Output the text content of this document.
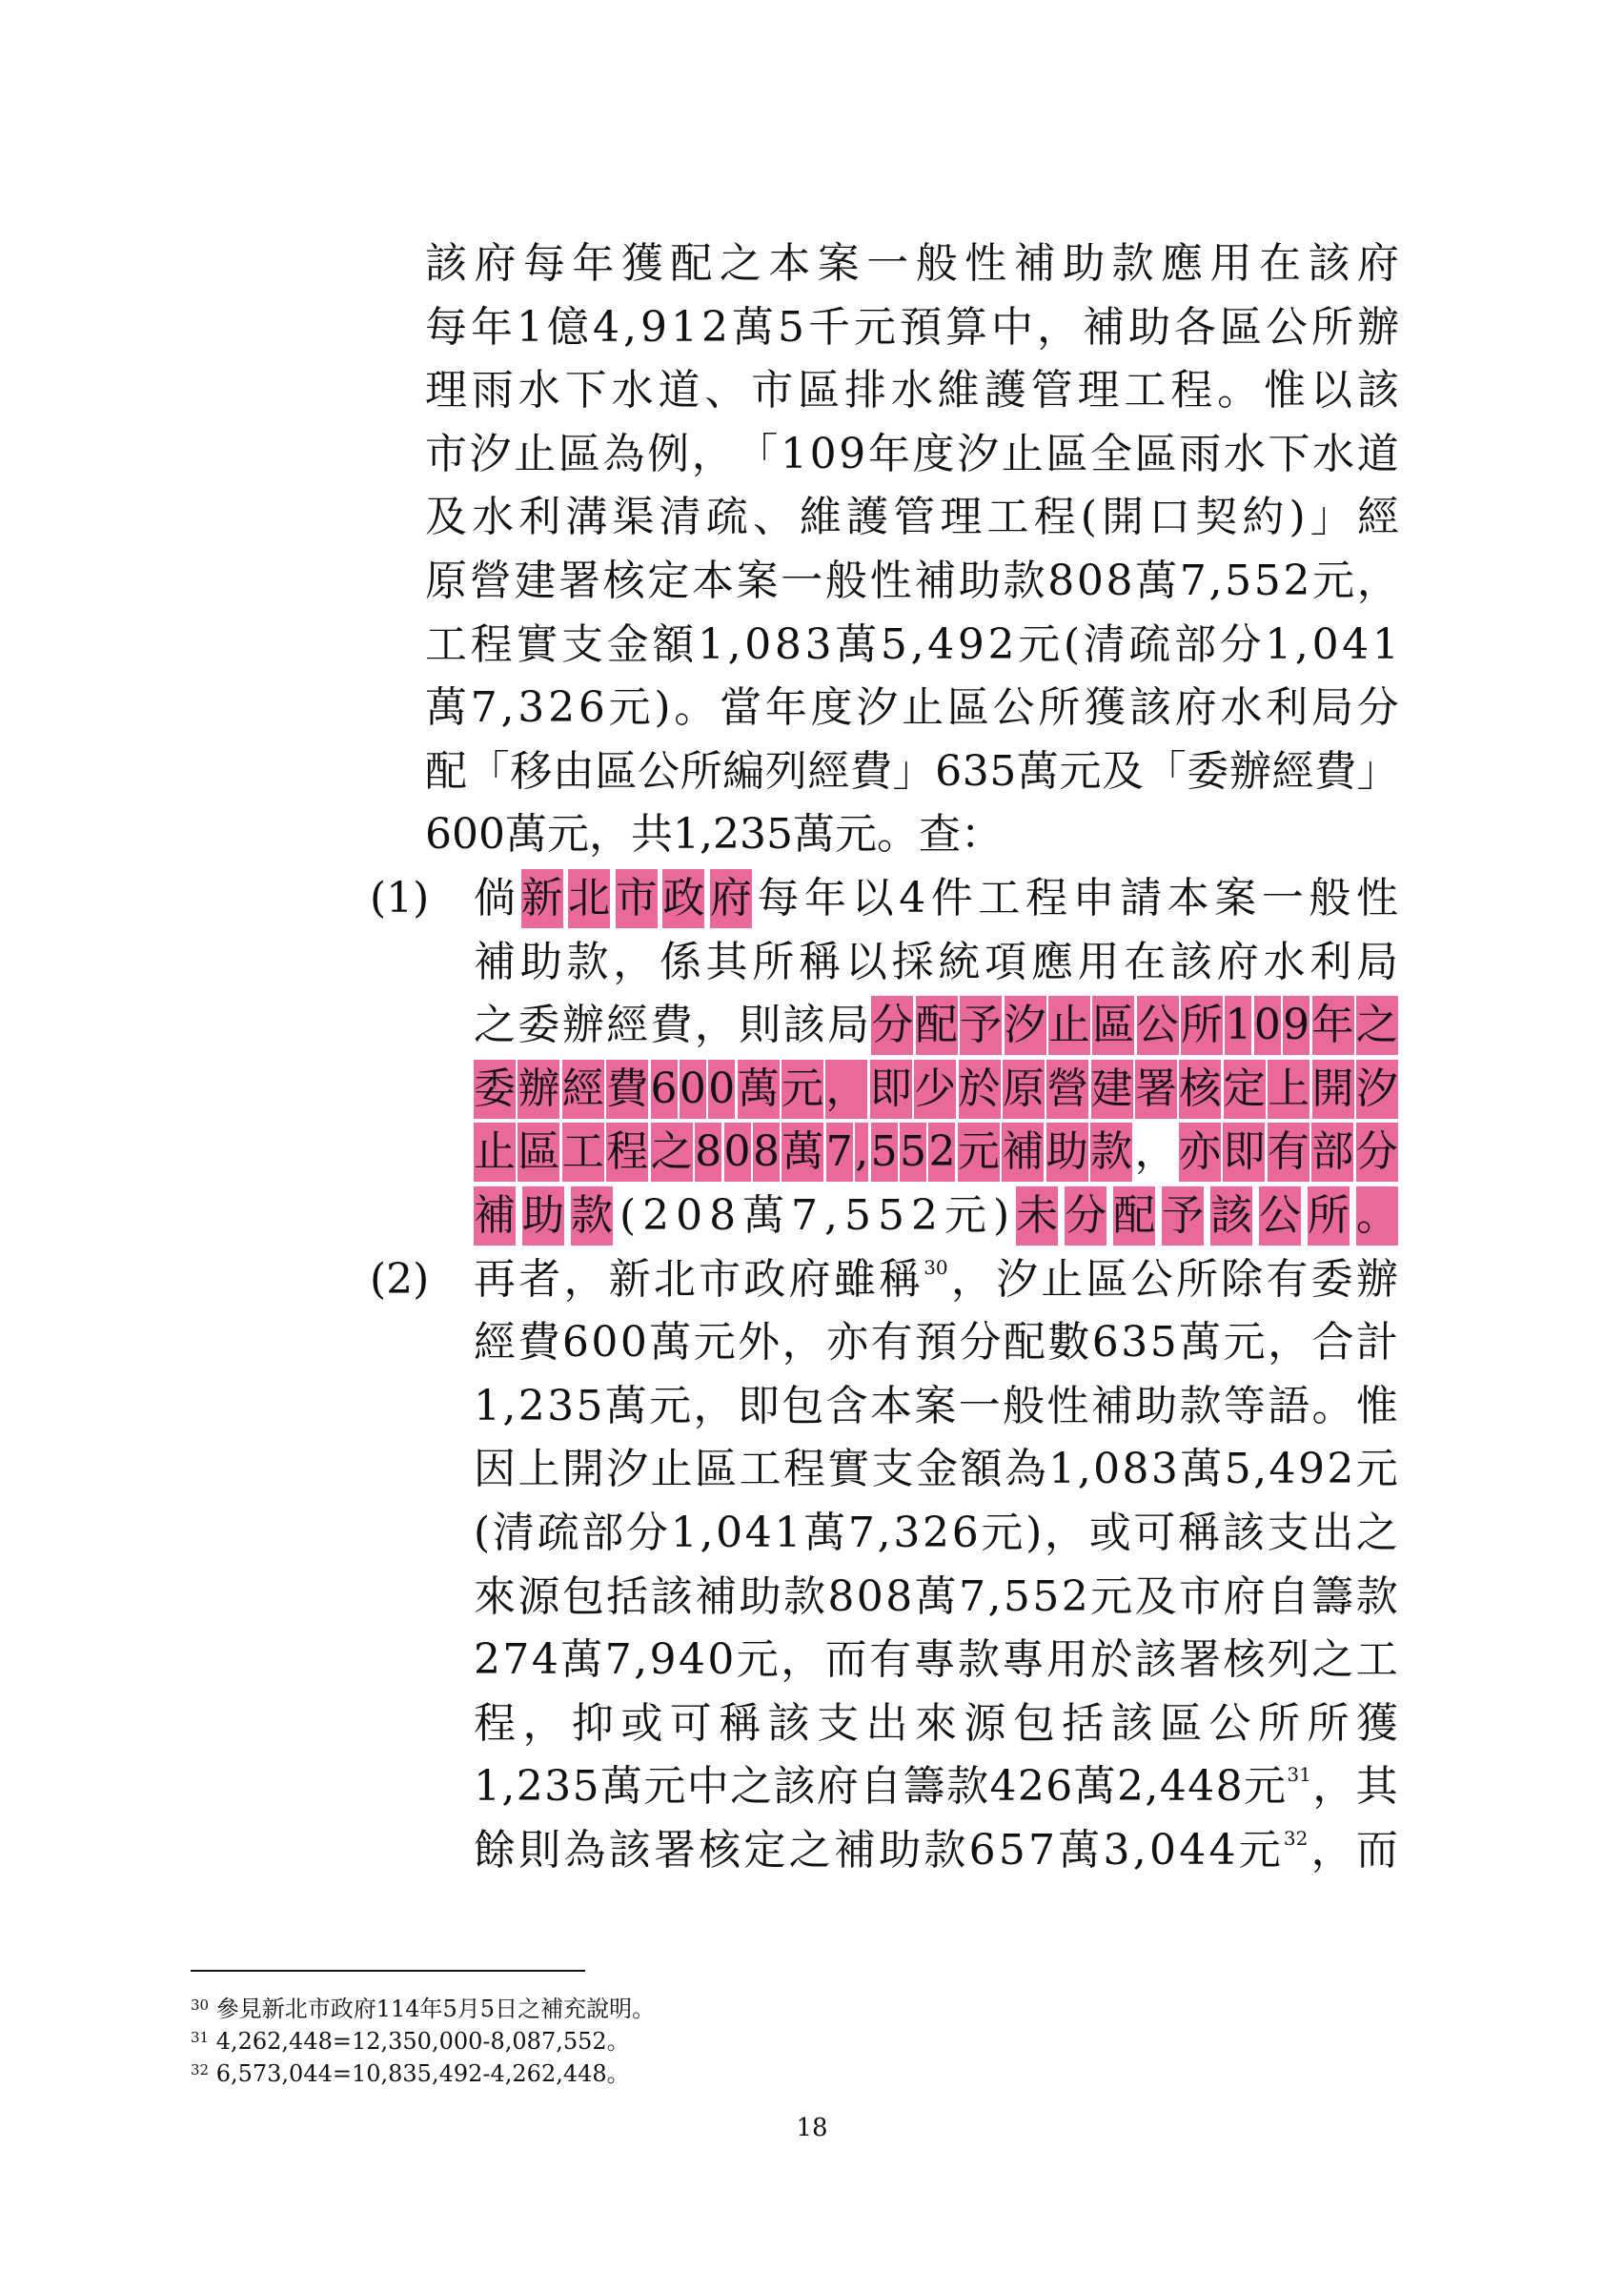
該 府 每 年 獲 配 之 本 案 一 般 性 補 助 款 應 用 在 該 府
每 年 1 億 4 , 9 1 2 萬 5 千 元 預 算 中 ， 補 助 各 區 公 所 辦
理 雨 水 下 水 道 、 市 區 排 水 維 護 管 理 工 程 。 惟 以 該
市 汐 止 區 為 例 ， 「 1 0 9 年 度 汐 止 區 全 區 雨 水 下 水 道
及 水 利 溝 渠 清 疏 、 維 護 管 理 工 程 ( 開 口 契 約 ) 」 經
原 營 建 署 核 定 本 案 一 般 性 補 助 款 8 0 8 萬 7 , 5 5 2 元 ，
工 程 實 支 金 額 1 , 0 8 3 萬 5 , 4 9 2 元 ( 清 疏 部 分 1 , 0 4 1
萬 7 , 3 2 6 元 ) 。 當 年 度 汐 止 區 公 所 獲 該 府 水 利 局 分
配 「 移 由 區 公 所 編 列 經 費 」 6 3 5 萬 元 及 「 委 辦 經 費 」
600萬元，共1,235萬元。查：
(1) 倘 新 北 市 政 府 每 年 以 4 件 工 程 申 請 本 案 一 般 性
補 助 款 ， 係 其 所 稱 以 採 統 項 應 用 在 該 府 水 利 局
之 委 辦 經 費 ， 則 該 局 分 配 予 汐 止 區 公 所 1 0 9 年 之
委 辦 經 費 6 0 0 萬 元 ， 即 少 於 原 營 建 署 核 定 上 開 汐
止 區 工 程 之 8 0 8 萬 7 , 5 5 2 元 補 助 款 ， 亦 即 有 部 分
補 助 款 ( 2 0 8 萬 7 , 5 5 2 元 ) 未 分 配 予 該 公 所 。
(2) 再 者 ， 新 北 市 政 府 雖 稱$^{30}$ ， 汐 止 區 公 所 除 有 委 辦
經 費 6 0 0 萬 元 外 ， 亦 有 預 分 配 數 6 3 5 萬 元 ， 合 計
1 , 2 3 5 萬 元 ， 即 包 含 本 案 一 般 性 補 助 款 等 語 。 惟
因 上 開 汐 止 區 工 程 實 支 金 額 為 1 , 0 8 3 萬 5 , 4 9 2 元
( 清 疏 部 分 1 , 0 4 1 萬 7 , 3 2 6 元 ) ， 或 可 稱 該 支 出 之
來 源 包 括 該 補 助 款 8 0 8 萬 7 , 5 5 2 元 及 市 府 自 籌 款
2 7 4 萬 7 , 9 4 0 元 ， 而 有 專 款 專 用 於 該 署 核 列 之 工
程 ， 抑 或 可 稱 該 支 出 來 源 包 括 該 區 公 所 所 獲
1 , 2 3 5 萬 元 中 之 該 府 自 籌 款 4 2 6 萬 2 , 4 4 8 元$^{31}$ ， 其
餘 則 為 該 署 核 定 之 補 助 款 6 5 7 萬 3 , 0 4 4 元$^{32}$ ， 而
$^{30}$ 參見新北市政府114年5月5日之補充說明。
$^{31}$ 4,262,448=12,350,000-8,087,552。
$^{32}$ 6,573,044=10,835,492-4,262,448。
18
